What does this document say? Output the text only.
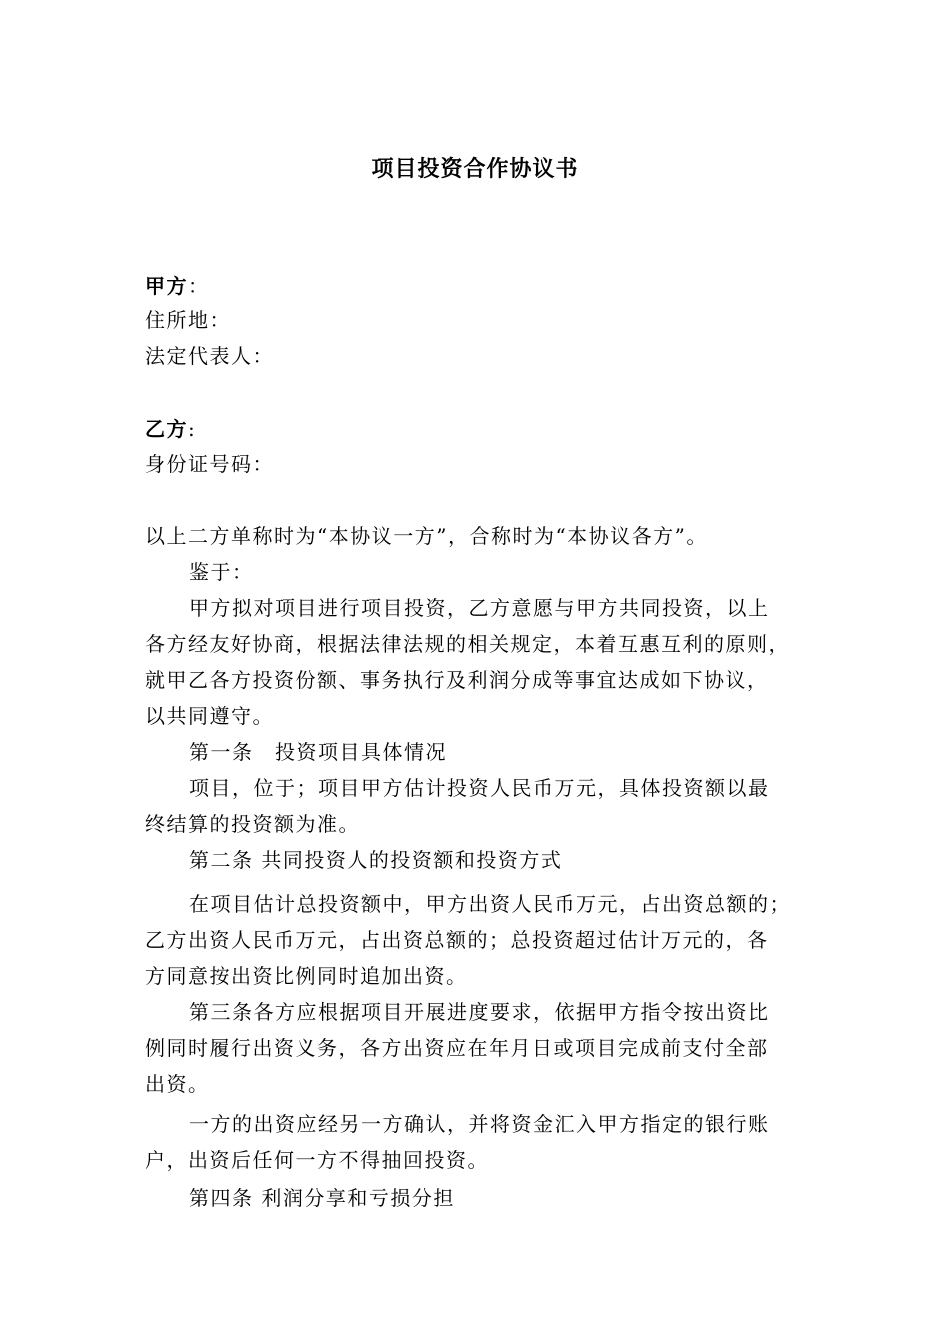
项目投资合作协议书
甲方：
住所地：
法定代表人：
乙方:
身份证号码：
以上二方单称时为“本协议一方”，合称时为“本协议各方”。
鉴于：
甲方拟对项目进行项目投资，乙方意愿与甲方共同投资，以上
各方经友好协商，根据法律法规的相关规定，本着互惠互利的原则，
就甲乙各方投资份额、事务执行及利润分成等事宜达成如下协议，
以共同遵守。
第一条　投资项目具体情况
项目，位于；项目甲方估计投资人民币万元，具体投资额以最
终结算的投资额为准。
第二条 共同投资人的投资额和投资方式
在项目估计总投资额中，甲方出资人民币万元，占出资总额的；
乙方出资人民币万元，占出资总额的；总投资超过估计万元的，各
方同意按出资比例同时追加出资。
第三条各方应根据项目开展进度要求，依据甲方指令按出资比
例同时履行出资义务，各方出资应在年月日或项目完成前支付全部
出资。
一方的出资应经另一方确认，并将资金汇入甲方指定的银行账
户，出资后任何一方不得抽回投资。
第四条 利润分享和亏损分担
